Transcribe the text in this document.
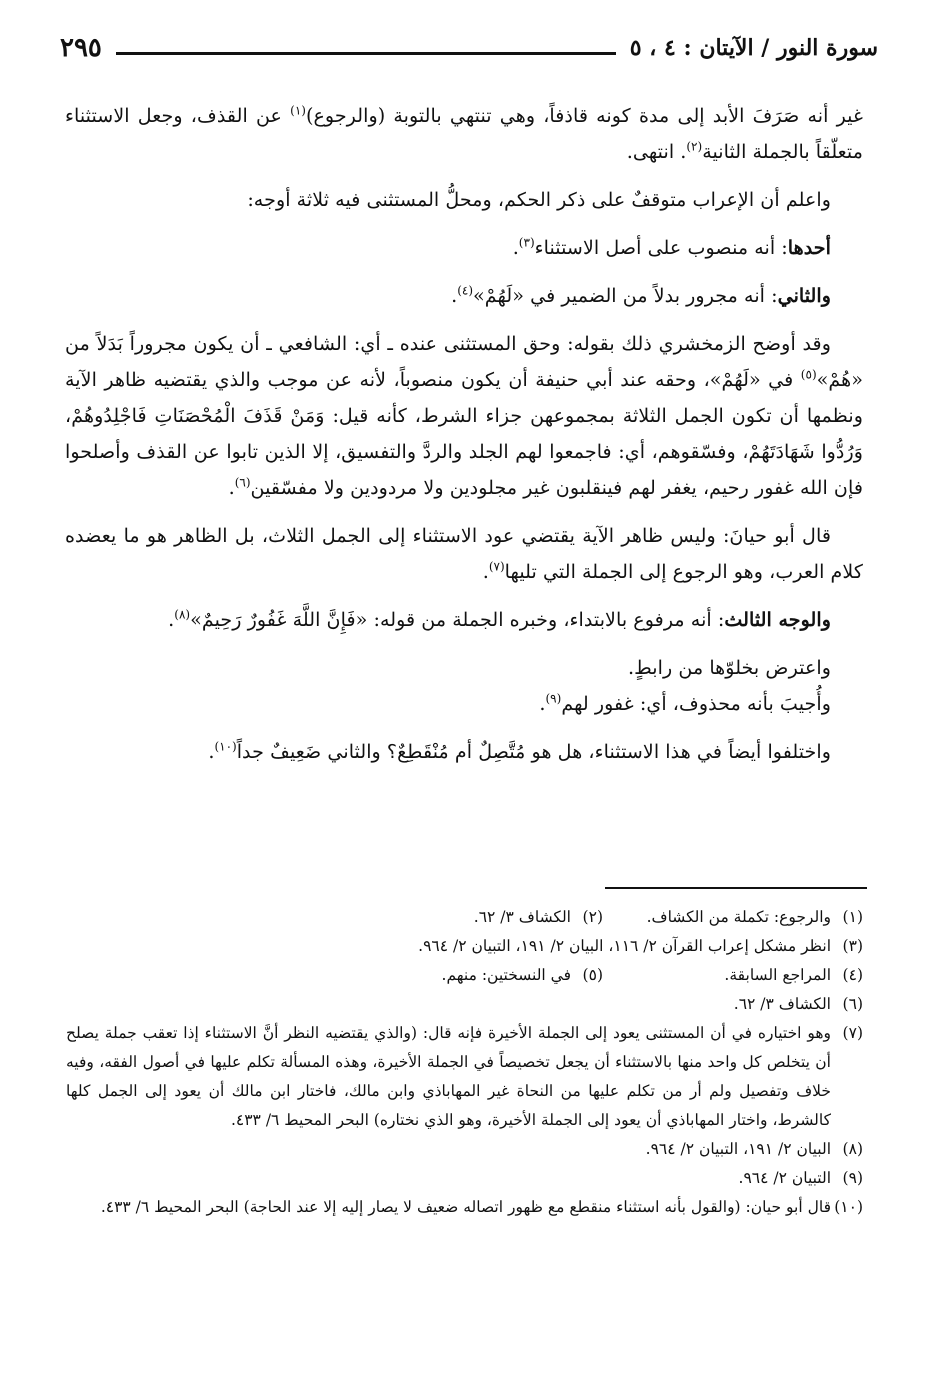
سورة النور / الآيتان : ٤ ، ٥
٢٩٥

غير أنه صَرَفَ الأبد إلى مدة كونه قاذفاً، وهي تنتهي بالتوبة (والرجوع)$^{(١)}$ عن القذف، وجعل الاستثناء متعلّقاً بالجملة الثانية$^{(٢)}$. انتهى.

واعلم أن الإعراب متوقفٌ على ذكر الحكم، ومحلُّ المستثنى فيه ثلاثة أوجه:

أحدها: أنه منصوب على أصل الاستثناء$^{(٣)}$.

والثاني: أنه مجرور بدلاً من الضمير في «لَهُمْ»$^{(٤)}$.

وقد أوضح الزمخشري ذلك بقوله: وحق المستثنى عنده ـ أي: الشافعي ـ أن يكون مجروراً بَدَلاً من «هُمْ»$^{(٥)}$ في «لَهُمْ»، وحقه عند أبي حنيفة أن يكون منصوباً، لأنه عن موجب والذي يقتضيه ظاهر الآية ونظمها أن تكون الجمل الثلاثة بمجموعهن جزاء الشرط، كأنه قيل: وَمَنْ قَذَفَ الْمُحْصَنَاتِ فَاجْلِدُوهُمْ، وَرُدُّوا شَهَادَتَهُمْ، وفسّقوهم، أي: فاجمعوا لهم الجلد والردَّ والتفسيق، إلا الذين تابوا عن القذف وأصلحوا فإن الله غفور رحيم، يغفر لهم فينقلبون غير مجلودين ولا مردودين ولا مفسّقين$^{(٦)}$.

قال أبو حيانَ: وليس ظاهر الآية يقتضي عود الاستثناء إلى الجمل الثلاث، بل الظاهر هو ما يعضده كلام العرب، وهو الرجوع إلى الجملة التي تليها$^{(٧)}$.

والوجه الثالث: أنه مرفوع بالابتداء، وخبره الجملة من قوله: «فَإِنَّ اللَّهَ غَفُورٌ رَحِيمٌ»$^{(٨)}$.

واعترض بخلوّها من رابطٍ.

وأُجيبَ بأنه محذوف، أي: غفور لهم$^{(٩)}$.

واختلفوا أيضاً في هذا الاستثناء، هل هو مُتَّصِلٌ أم مُنْقَطِعٌ؟ والثاني ضَعِيفٌ جداً$^{(١٠)}$.

(١)
والرجوع: تكملة من الكشاف.
(٢)
الكشاف ٣/ ٦٢.
(٣)
انظر مشكل إعراب القرآن ٢/ ١١٦، البيان ٢/ ١٩١، التبيان ٢/ ٩٦٤.
(٤)
المراجع السابقة.
(٥)
في النسختين: منهم.
(٦)
الكشاف ٣/ ٦٢.
(٧)
وهو اختياره في أن المستثنى يعود إلى الجملة الأخيرة فإنه قال: (والذي يقتضيه النظر أنَّ الاستثناء إذا تعقب جملة يصلح أن يتخلص كل واحد منها بالاستثناء أن يجعل تخصيصاً في الجملة الأخيرة، وهذه المسألة تكلم عليها في أصول الفقه، وفيه خلاف وتفصيل ولم أر من تكلم عليها من النحاة غير المهاباذي وابن مالك، فاختار ابن مالك أن يعود إلى الجمل كلها كالشرط، واختار المهاباذي أن يعود إلى الجملة الأخيرة، وهو الذي نختاره) البحر المحيط ٦/ ٤٣٣.
(٨)
البيان ٢/ ١٩١، التبيان ٢/ ٩٦٤.
(٩)
التبيان ٢/ ٩٦٤.
(١٠)
قال أبو حيان: (والقول بأنه استثناء منقطع مع ظهور اتصاله ضعيف لا يصار إليه إلا عند الحاجة) البحر المحيط ٦/ ٤٣٣.
